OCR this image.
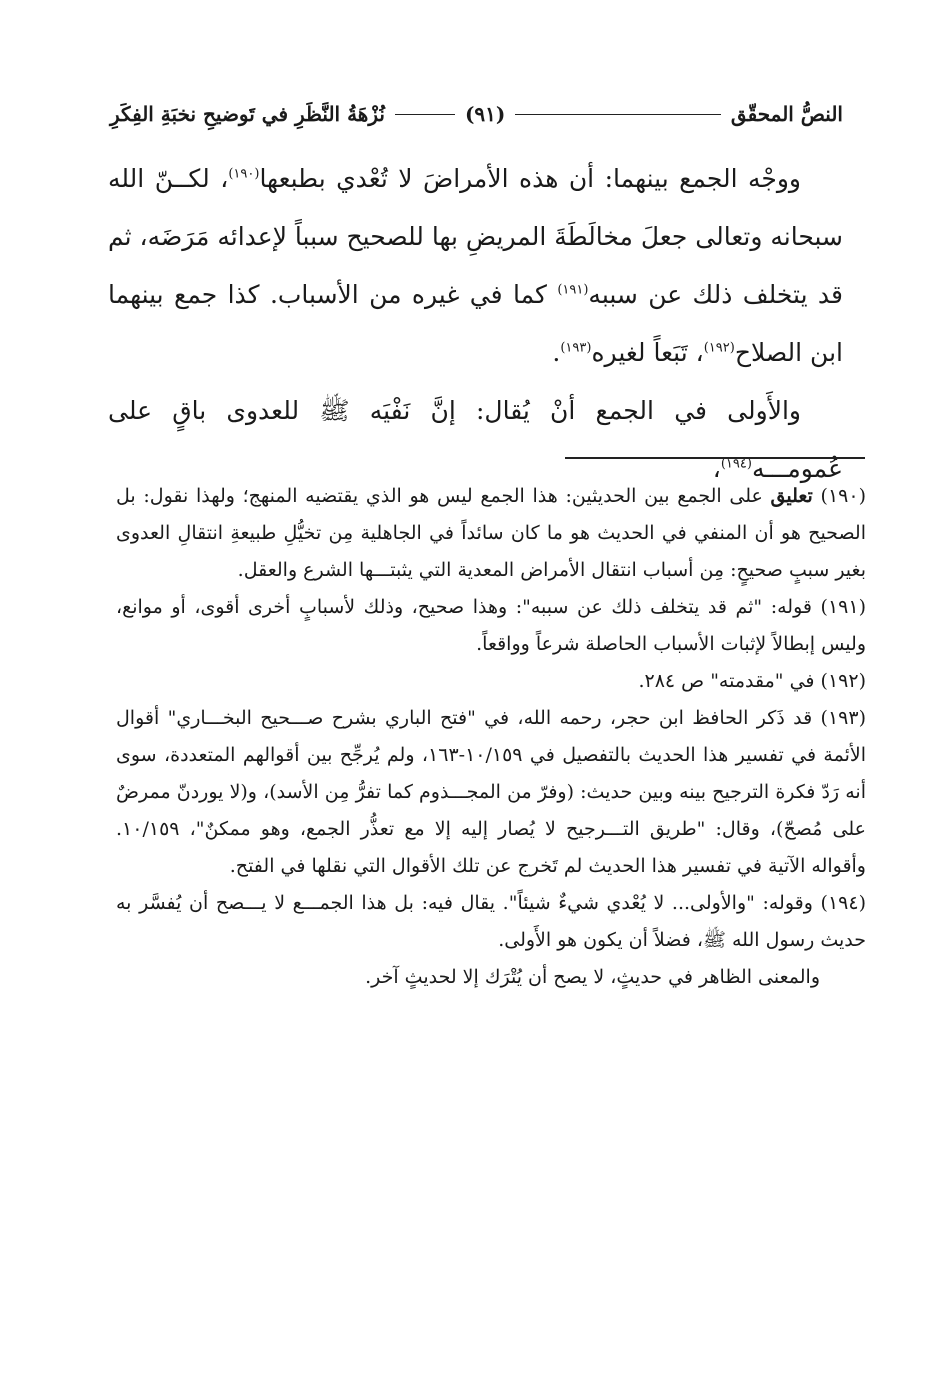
النصُّ المحقّق
(٩١)
نُزْهَةُ النَّظَرِ في تَوضيحِ نخبَةِ الفِكَرِ

ووجْه الجمع بينهما: أن هذه الأمراضَ لا تُعْدي بطبعها$^{(١٩٠)}$، لكــنّ الله سبحانه وتعالى جعلَ مخالَطَةَ المريضِ بها للصحيح سبباً لإعدائه مَرَضَه، ثم قد يتخلف ذلك عن سببه$^{(١٩١)}$ كما في غيره من الأسباب. كذا جمع بينهما ابن الصلاح$^{(١٩٢)}$، تَبَعاً لغيره$^{(١٩٣)}$.

والأَولى في الجمع أنْ يُقال: إنَّ نَفْيَه ﷺ للعدوى باقٍ على عُمومـــه$^{(١٩٤)}$،

(١٩٠) تعليق على الجمع بين الحديثين: هذا الجمع ليس هو الذي يقتضيه المنهج؛ ولهذا نقول: بل الصحيح هو أن المنفي في الحديث هو ما كان سائداً في الجاهلية مِن تخيُّلِ طبيعةِ انتقالِ العدوى بغير سببٍ صحيحٍ: مِن أسباب انتقال الأمراض المعدية التي يثبتـــها الشرع والعقل.
(١٩١) قوله: "ثم قد يتخلف ذلك عن سببه": وهذا صحيح، وذلك لأسبابٍ أخرى أقوى، أو موانع، وليس إبطالاً لإثبات الأسباب الحاصلة شرعاً وواقعاً.
(١٩٢) في "مقدمته" ص ٢٨٤.
(١٩٣) قد ذَكر الحافظ ابن حجر، رحمه الله، في "فتح الباري بشرح صـــحيح البخـــاري" أقوال الأئمة في تفسير هذا الحديث بالتفصيل في ١٠/١٥٩-١٦٣، ولم يُرجِّح بين أقوالهم المتعددة، سوى أنه رَدّ فكرة الترجيح بينه وبين حديث: (وفرّ من المجـــذوم كما تفرُّ مِن الأسد)، و(لا يوردنّ ممرضٌ على مُصحّ)، وقال: "طريق التـــرجيح لا يُصار إليه إلا مع تعذُّر الجمع، وهو ممكنٌ"، ١٠/١٥٩. وأقواله الآتية في تفسير هذا الحديث لم تَخرج عن تلك الأقوال التي نقلها في الفتح.
(١٩٤) وقوله: "والأولى... لا يُعْدي شيءٌ شيئاً". يقال فيه: بل هذا الجمـــع لا يـــصح أن يُفسَّر به حديث رسول الله ﷺ، فضلاً أن يكون هو الأَولى.
والمعنى الظاهر في حديثٍ، لا يصح أن يُتْرَك إلا لحديثٍ آخر.
